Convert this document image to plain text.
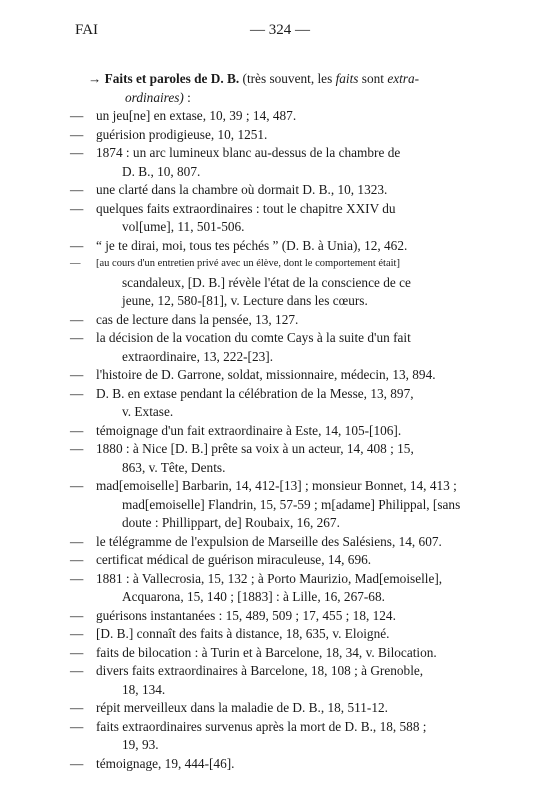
FAI	— 324 —
→ Faits et paroles de D. B. (très souvent, les faits sont extra-
ordinaires) :
— un jeu[ne] en extase, 10, 39 ; 14, 487.
— guérision prodigieuse, 10, 1251.
— 1874 : un arc lumineux blanc au-dessus de la chambre de
D. B., 10, 807.
— une clarté dans la chambre où dormait D. B., 10, 1323.
— quelques faits extraordinaires : tout le chapitre XXIV du
vol[ume], 11, 501-506.
— “ je te dirai, moi, tous tes péchés ” (D. B. à Unia), 12, 462.
— [au cours d'un entretien privé avec un élève, dont le comportement était]
scandaleux, [D. B.] révèle l'état de la conscience de ce
jeune, 12, 580-[81], v. Lecture dans les cœurs.
— cas de lecture dans la pensée, 13, 127.
— la décision de la vocation du comte Cays à la suite d'un fait
extraordinaire, 13, 222-[23].
— l'histoire de D. Garrone, soldat, missionnaire, médecin, 13, 894.
— D. B. en extase pendant la célébration de la Messe, 13, 897,
v. Extase.
— témoignage d'un fait extraordinaire à Este, 14, 105-[106].
— 1880 : à Nice [D. B.] prête sa voix à un acteur, 14, 408 ; 15,
863, v. Tête, Dents.
— mad[emoiselle] Barbarin, 14, 412-[13] ; monsieur Bonnet, 14, 413 ;
mad[emoiselle] Flandrin, 15, 57-59 ; m[adame] Philippal, [sans
doute : Phillippart, de] Roubaix, 16, 267.
— le télégramme de l'expulsion de Marseille des Salésiens, 14, 607.
— certificat médical de guérison miraculeuse, 14, 696.
— 1881 : à Vallecrosia, 15, 132 ; à Porto Maurizio, Mad[emoiselle],
Acquarona, 15, 140 ; [1883] : à Lille, 16, 267-68.
— guérisons instantanées : 15, 489, 509 ; 17, 455 ; 18, 124.
— [D. B.] connaît des faits à distance, 18, 635, v. Eloigné.
— faits de bilocation : à Turin et à Barcelone, 18, 34, v. Bilocation.
— divers faits extraordinaires à Barcelone, 18, 108 ; à Grenoble,
18, 134.
— répit merveilleux dans la maladie de D. B., 18, 511-12.
— faits extraordinaires survenus après la mort de D. B., 18, 588 ;
19, 93.
— témoignage, 19, 444-[46].
